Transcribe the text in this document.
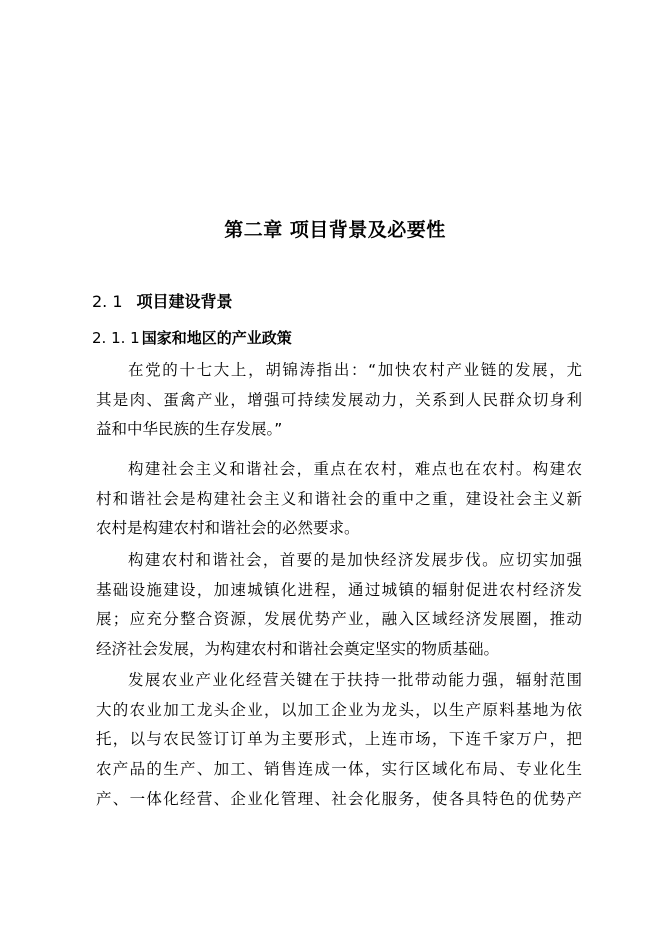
第二章 项目背景及必要性
2. 1 项目建设背景
2. 1. 1 国家和地区的产业政策
在党的十七大上，胡锦涛指出：“加快农村产业链的发展，尤
其是肉、蛋禽产业，增强可持续发展动力，关系到人民群众切身利
益和中华民族的生存发展。”
构建社会主义和谐社会，重点在农村，难点也在农村。构建农
村和谐社会是构建社会主义和谐社会的重中之重，建设社会主义新
农村是构建农村和谐社会的必然要求。
构建农村和谐社会，首要的是加快经济发展步伐。应切实加强
基础设施建设，加速城镇化进程，通过城镇的辐射促进农村经济发
展；应充分整合资源，发展优势产业，融入区域经济发展圈，推动
经济社会发展，为构建农村和谐社会奠定坚实的物质基础。
发展农业产业化经营关键在于扶持一批带动能力强，辐射范围
大的农业加工龙头企业，以加工企业为龙头，以生产原料基地为依
托，以与农民签订订单为主要形式，上连市场，下连千家万户，把
农产品的生产、加工、销售连成一体，实行区域化布局、专业化生
产、一体化经营、企业化管理、社会化服务，使各具特色的优势产
